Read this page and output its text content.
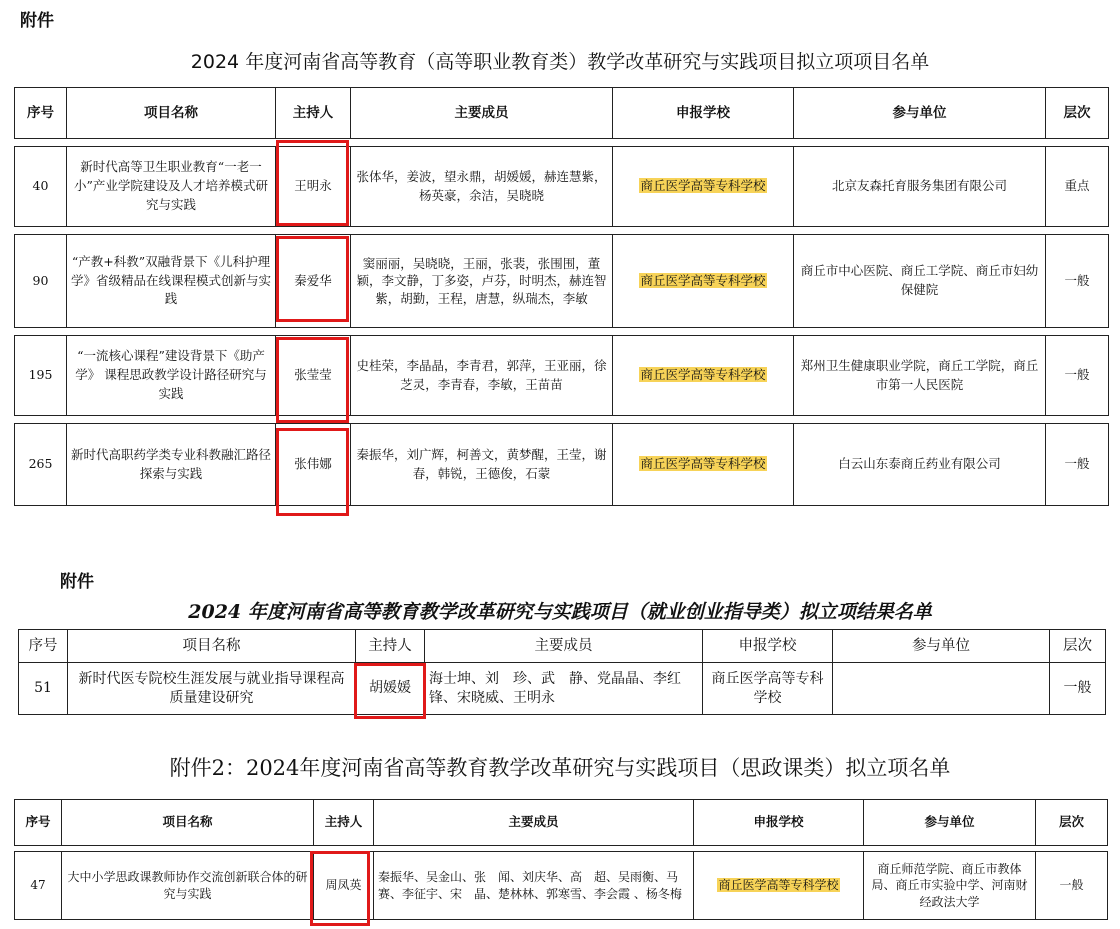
附件
2024 年度河南省高等教育（高等职业教育类）教学改革研究与实践项目拟立项项目名单
序号	项目名称	主持人	主要成员	申报学校	参与单位	层次

40	新时代高等卫生职业教育“一老一小”产业学院建设及人才培养模式研究与实践	王明永	张体华，姜波，望永鼎，胡媛媛，赫连慧紫，杨英豪，余洁，吴晓晓	商丘医学高等专科学校	北京友森托育服务集团有限公司	重点

90	“产教+科教”双融背景下《儿科护理学》省级精品在线课程模式创新与实践	秦爱华	窦丽丽，吴晓晓，王丽，张裴，张围围，董颖，李文静，丁多姿，卢芬，时明杰，赫连智紫，胡勤，王程，唐慧，纵瑞杰，李敏	商丘医学高等专科学校	商丘市中心医院、商丘工学院、商丘市妇幼保健院	一般

195	“一流核心课程”建设背景下《助产学》 课程思政教学设计路径研究与实践	张莹莹	史桂荣，李晶晶，李青君，郭萍，王亚丽，徐芝灵，李青春，李敏，王苗苗	商丘医学高等专科学校	郑州卫生健康职业学院，商丘工学院，商丘市第一人民医院	一般

265	新时代高职药学类专业科教融汇路径探索与实践	张伟娜	秦振华，刘广辉，柯善文，黄梦醒，王莹，谢春，韩锐，王德俊，石蒙	商丘医学高等专科学校	白云山东泰商丘药业有限公司	一般
附件
2024 年度河南省高等教育教学改革研究与实践项目（就业创业指导类）拟立项结果名单
序号	项目名称	主持人	主要成员	申报学校	参与单位	层次
51	新时代医专院校生涯发展与就业指导课程高质量建设研究	胡媛媛	海士坤、刘　珍、武　静、党晶晶、李红锋、宋晓威、王明永	商丘医学高等专科学校		一般
附件2：2024年度河南省高等教育教学改革研究与实践项目（思政课类）拟立项名单
序号	项目名称	主持人	主要成员	申报学校	参与单位	层次

47	大中小学思政课教师协作交流创新联合体的研究与实践	周凤英	秦振华、吴金山、张　闻、刘庆华、高　超、吴雨衡、马　赛、李征宇、宋　晶、楚林林、郭寒雪、李会霞 、杨冬梅	商丘医学高等专科学校	商丘师范学院、商丘市教体局、商丘市实验中学、河南财经政法大学	一般
